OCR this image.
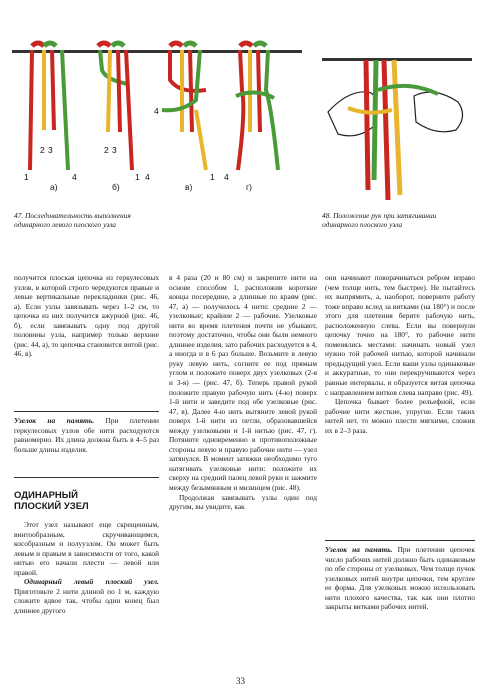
2 3
1	4
а)
2 3
1 4
б)
4
1 4
в)	г)
47. Последовательность выполнения одинарного левого плоского узла
48. Положение рук при затягивании одинарного плоского узла

получится плоская цепочка из геркулесовых узлов, в которой строго чередуются правые и левые вертикальные перекладинки (рис. 46, а). Если узлы завязывать через 1–2 см, то цепочка из них получится ажурной (рис. 46, б), если завязывать одну под другой половины узла, например только верхние (рис. 44, а), то цепочка становится витой (рис. 46, в).

Узелок на память. При плетении геркулесовых узлов обе нити расходуются равномерно. Их длина должна быть в 4–5 раз больше длины изделия.
ОДИНАРНЫЙ
ПЛОСКИЙ УЗЕЛ

Этот узел называют еще скрещенным, винтообразным, скручивающимся, кособразным и полуузлом. Он может быть левым и правым в зависимости от того, какой нитью его начали плести — левой или правой.

Одинарный левый плоский узел. Приготовьте 2 нити длиной по 1 м, каждую сложите вдвое так, чтобы один конец был длиннее другого

в 4 раза (20 и 80 см) и закрепите нити на основе способом 1, расположив короткие концы посередине, а длинные по краям (рис. 47, а) — получилось 4 нити: средние 2 — узелковые; крайние 2 — рабочие. Узелковые нити во время плетения почти не убывают, поэтому достаточно, чтобы они были немного длиннее изделия, зато рабочих расходуется в 4, а иногда и в 6 раз больше. Возьмите в левую руку левую нить, согните ее под прямым углом и положите поверх двух узелковых (2-я и 3-я) — (рис. 47, б). Теперь правой рукой положите правую рабочую нить (4-ю) поверх 1-й нити и заведите под обе узелковые (рис. 47, в). Далее 4-ю нить вытяните левой рукой поверх 1-й нити из петли, образовавшейся между узелковыми и 1-й нитью (рис. 47, г). Потяните одновременно в противоположные стороны левую и правую рабочие нити — узел затянулся. В момент затяжки необходимо туго натягивать узелковые нити: положите их сверху на средний палец левой руки и зажмите между безымянным и мизинцем (рис. 48).

Продолжая завязывать узлы один под другим, вы увидите, как

они начинают поворачиваться ребром вправо (чем толще нить, тем быстрее). Не пытайтесь их выпрямить, а, наоборот, поверните работу тоже вправо вслед за витками (на 180°) и после этого для плетения берите рабочую нить, расположенную слева. Если вы повернули цепочку точно на 180°, то рабочие нити поменялись местами: начинать новый узел нужно той рабочей нитью, которой начинали предыдущий узел. Если ваши узлы одинаковые и аккуратные, то они перекручиваются через равные интервалы, и образуется витая цепочка с направлением витков слева направо (рис. 49).

Цепочка бывает более рельефной, если рабочие нити жесткие, упругие. Если таких нитей нет, то можно плести мягкими, сложив их в 2–3 раза.

Узелок на память. При плетении цепочек число рабочих нитей должно быть одинаковым по обе стороны от узелковых. Чем толще пучок узелковых нитей внутри цепочки, тем круглее ее форма. Для узелковых можно использовать нити плохого качества, так как они плотно закрыты витками рабочих нитей.
33
